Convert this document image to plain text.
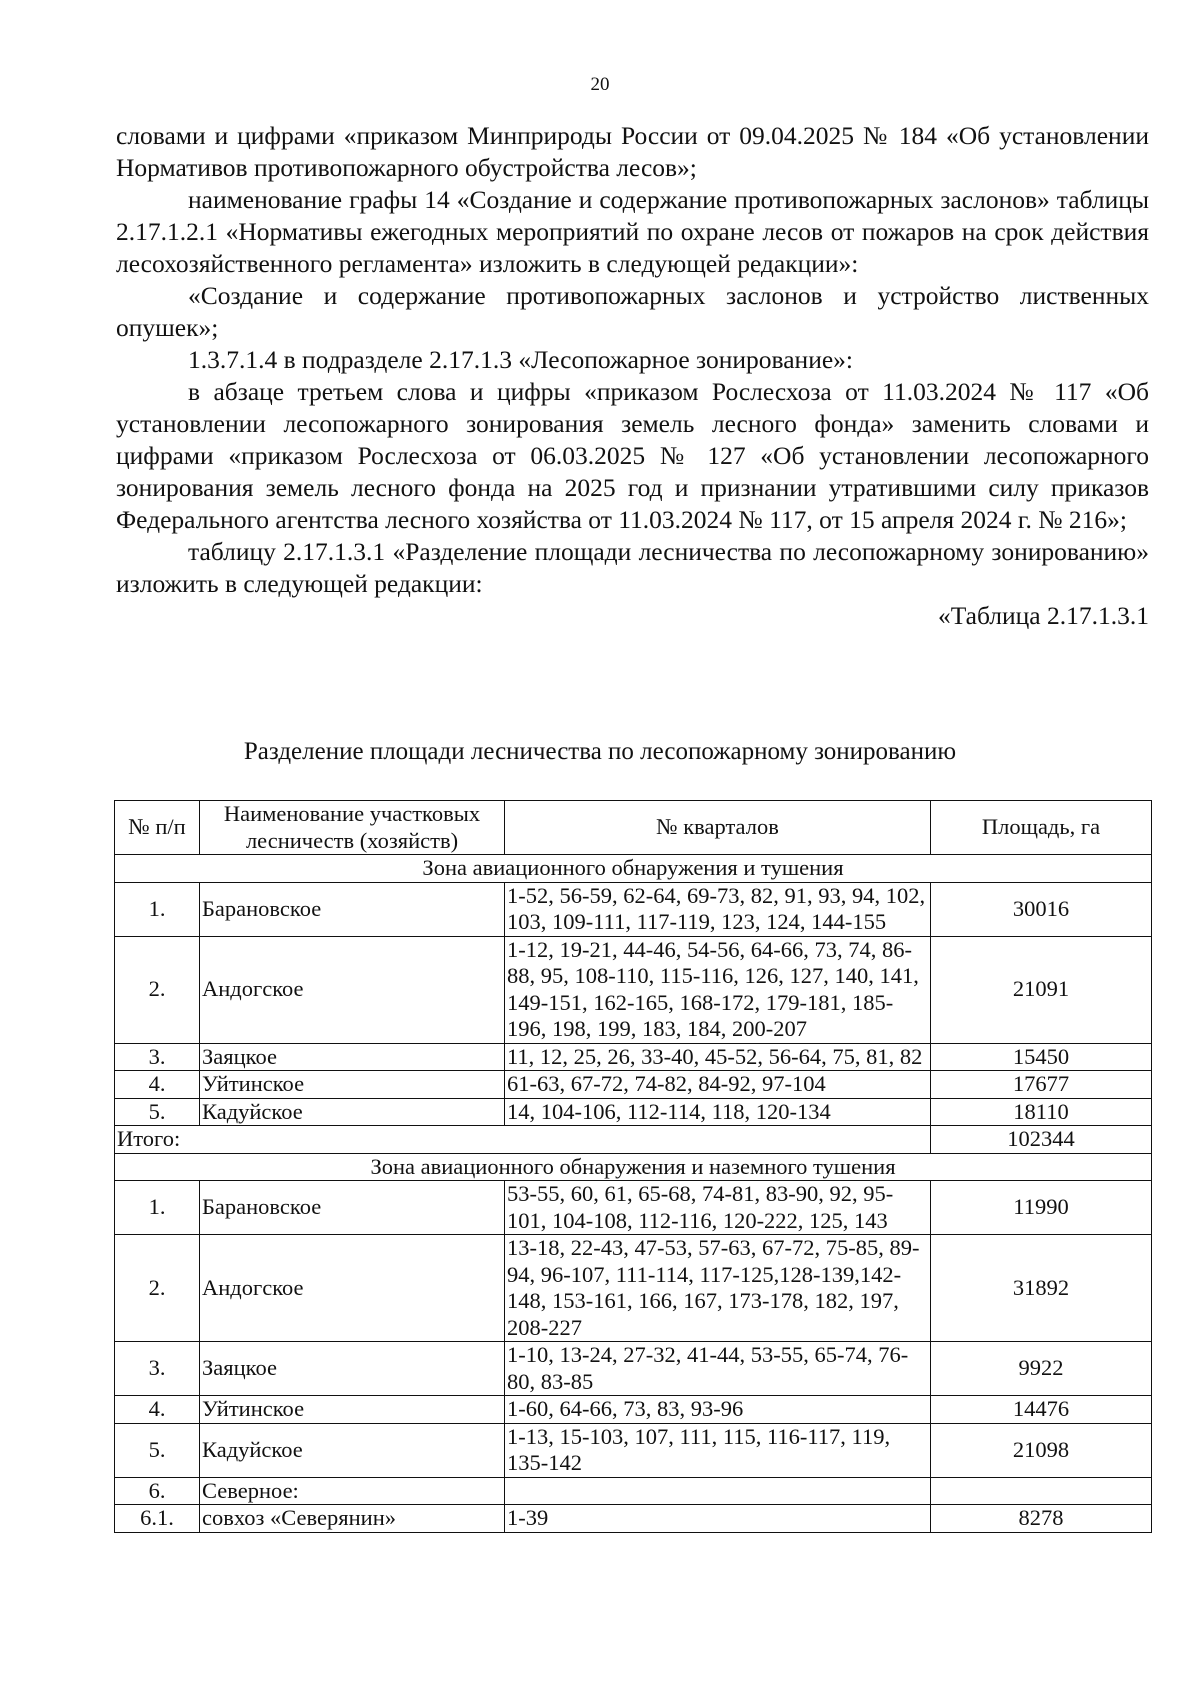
20

словами и цифрами «приказом Минприроды России от 09.04.2025 № 184 «Об установлении Нормативов противопожарного обустройства лесов»;

наименование графы 14 «Создание и содержание противопожарных заслонов» таблицы 2.17.1.2.1 «Нормативы ежегодных мероприятий по охране лесов от пожаров на срок действия лесохозяйственного регламента» изложить в следующей редакции»:

«Создание и содержание противопожарных заслонов и устройство лиственных опушек»;

1.3.7.1.4 в подразделе 2.17.1.3 «Лесопожарное зонирование»:

в абзаце третьем слова и цифры «приказом Рослесхоза от 11.03.2024 № 117 «Об установлении лесопожарного зонирования земель лесного фонда» заменить словами и цифрами «приказом Рослесхоза от 06.03.2025 № 127 «Об установлении лесопожарного зонирования земель лесного фонда на 2025 год и признании утратившими силу приказов Федерального агентства лесного хозяйства от 11.03.2024 № 117, от 15 апреля 2024 г. № 216»;

таблицу 2.17.1.3.1 «Разделение площади лесничества по лесопожарному зонированию» изложить в следующей редакции:

«Таблица 2.17.1.3.1

Разделение площади лесничества по лесопожарному зонированию
№ п/п	Наименование участковых лесничеств (хозяйств)	№ кварталов	Площадь, га
Зона авиационного обнаружения и тушения			
1.	Барановское	1-52, 56-59, 62-64, 69-73, 82, 91, 93, 94, 102, 103, 109-111, 117-119, 123, 124, 144-155	30016
2.	Андогское	1-12, 19-21, 44-46, 54-56, 64-66, 73, 74, 86-88, 95, 108-110, 115-116, 126, 127, 140, 141, 149-151, 162-165, 168-172, 179-181, 185- 196, 198, 199, 183, 184, 200-207	21091
3.	Заяцкое	11, 12, 25, 26, 33-40, 45-52, 56-64, 75, 81, 82	15450
4.	Уйтинское	61-63, 67-72, 74-82, 84-92, 97-104	17677
5.	Кадуйское	14, 104-106, 112-114, 118, 120-134	18110
Итого:			102344
Зона авиационного обнаружения и наземного тушения			
1.	Барановское	53-55, 60, 61, 65-68, 74-81, 83-90, 92, 95-101, 104-108, 112-116, 120-222, 125, 143	11990
2.	Андогское	13-18, 22-43, 47-53, 57-63, 67-72, 75-85, 89-94, 96-107, 111-114, 117-125,128-139,142-148, 153-161, 166, 167, 173-178, 182, 197, 208-227	31892
3.	Заяцкое	1-10, 13-24, 27-32, 41-44, 53-55, 65-74, 76-80, 83-85	9922
4.	Уйтинское	1-60, 64-66, 73, 83, 93-96	14476
5.	Кадуйское	1-13, 15-103, 107, 111, 115, 116-117, 119, 135-142	21098
6.	Северное:		
6.1.	совхоз «Северянин»	1-39	8278
